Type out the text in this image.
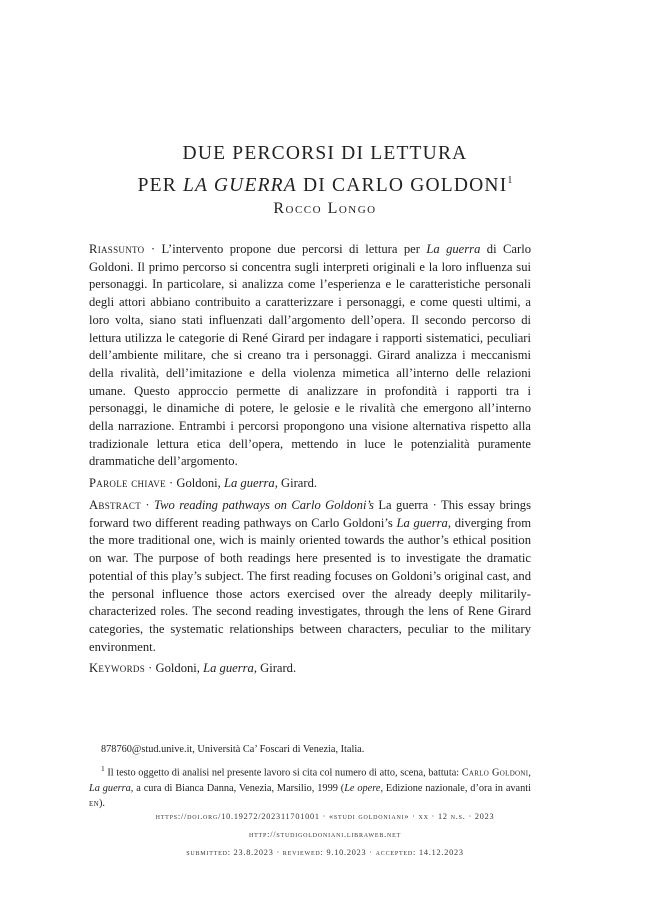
DUE PERCORSI DI LETTURA
PER LA GUERRA DI CARLO GOLDONI$^1$
Rocco Longo

Riassunto · L’intervento propone due percorsi di lettura per La guerra di Carlo Goldoni. Il primo percorso si concentra sugli interpreti originali e la loro influenza sui personaggi. In particolare, si analizza come l’esperienza e le caratteristiche personali degli attori abbiano contribuito a caratterizzare i personaggi, e come questi ultimi, a loro volta, siano stati influenzati dall’argomento dell’opera. Il secondo percorso di lettura utilizza le categorie di René Girard per indagare i rapporti sistematici, peculiari dell’ambiente militare, che si creano tra i personaggi. Girard analizza i meccanismi della rivalità, dell’imitazione e della violenza mimetica all’interno delle relazioni umane. Questo approccio permette di analizzare in profondità i rapporti tra i personaggi, le dinamiche di potere, le gelosie e le rivalità che emergono all’interno della narrazione. Entrambi i percorsi propongono una visione alternativa rispetto alla tradizionale lettura etica dell’opera, mettendo in luce le potenzialità puramente drammatiche dell’argomento.

Parole chiave · Goldoni, La guerra, Girard.

Abstract · Two reading pathways on Carlo Goldoni’s La guerra · This essay brings forward two different reading pathways on Carlo Goldoni’s La guerra, diverging from the more traditional one, wich is mainly oriented towards the author’s ethical position on war. The purpose of both readings here presented is to investigate the dramatic potential of this play’s subject. The first reading focuses on Goldoni’s original cast, and the personal influence those actors exercised over the already deeply militarily-characterized roles. The second reading investigates, through the lens of Rene Girard categories, the systematic relationships between characters, peculiar to the military environment.

Keywords · Goldoni, La guerra, Girard.

878760@stud.unive.it, Università Ca’ Foscari di Venezia, Italia.

$^1$ Il testo oggetto di analisi nel presente lavoro si cita col numero di atto, scena, battuta: Carlo Goldoni, La guerra, a cura di Bianca Danna, Venezia, Marsilio, 1999 (Le opere, Edizione nazionale, d’ora in avanti en).

https://doi.org/10.19272/202311701001 · «studi goldoniani» · xx · 12 n.s. · 2023
http://studigoldoniani.libraweb.net
submitted: 23.8.2023 · reviewed: 9.10.2023 · accepted: 14.12.2023
